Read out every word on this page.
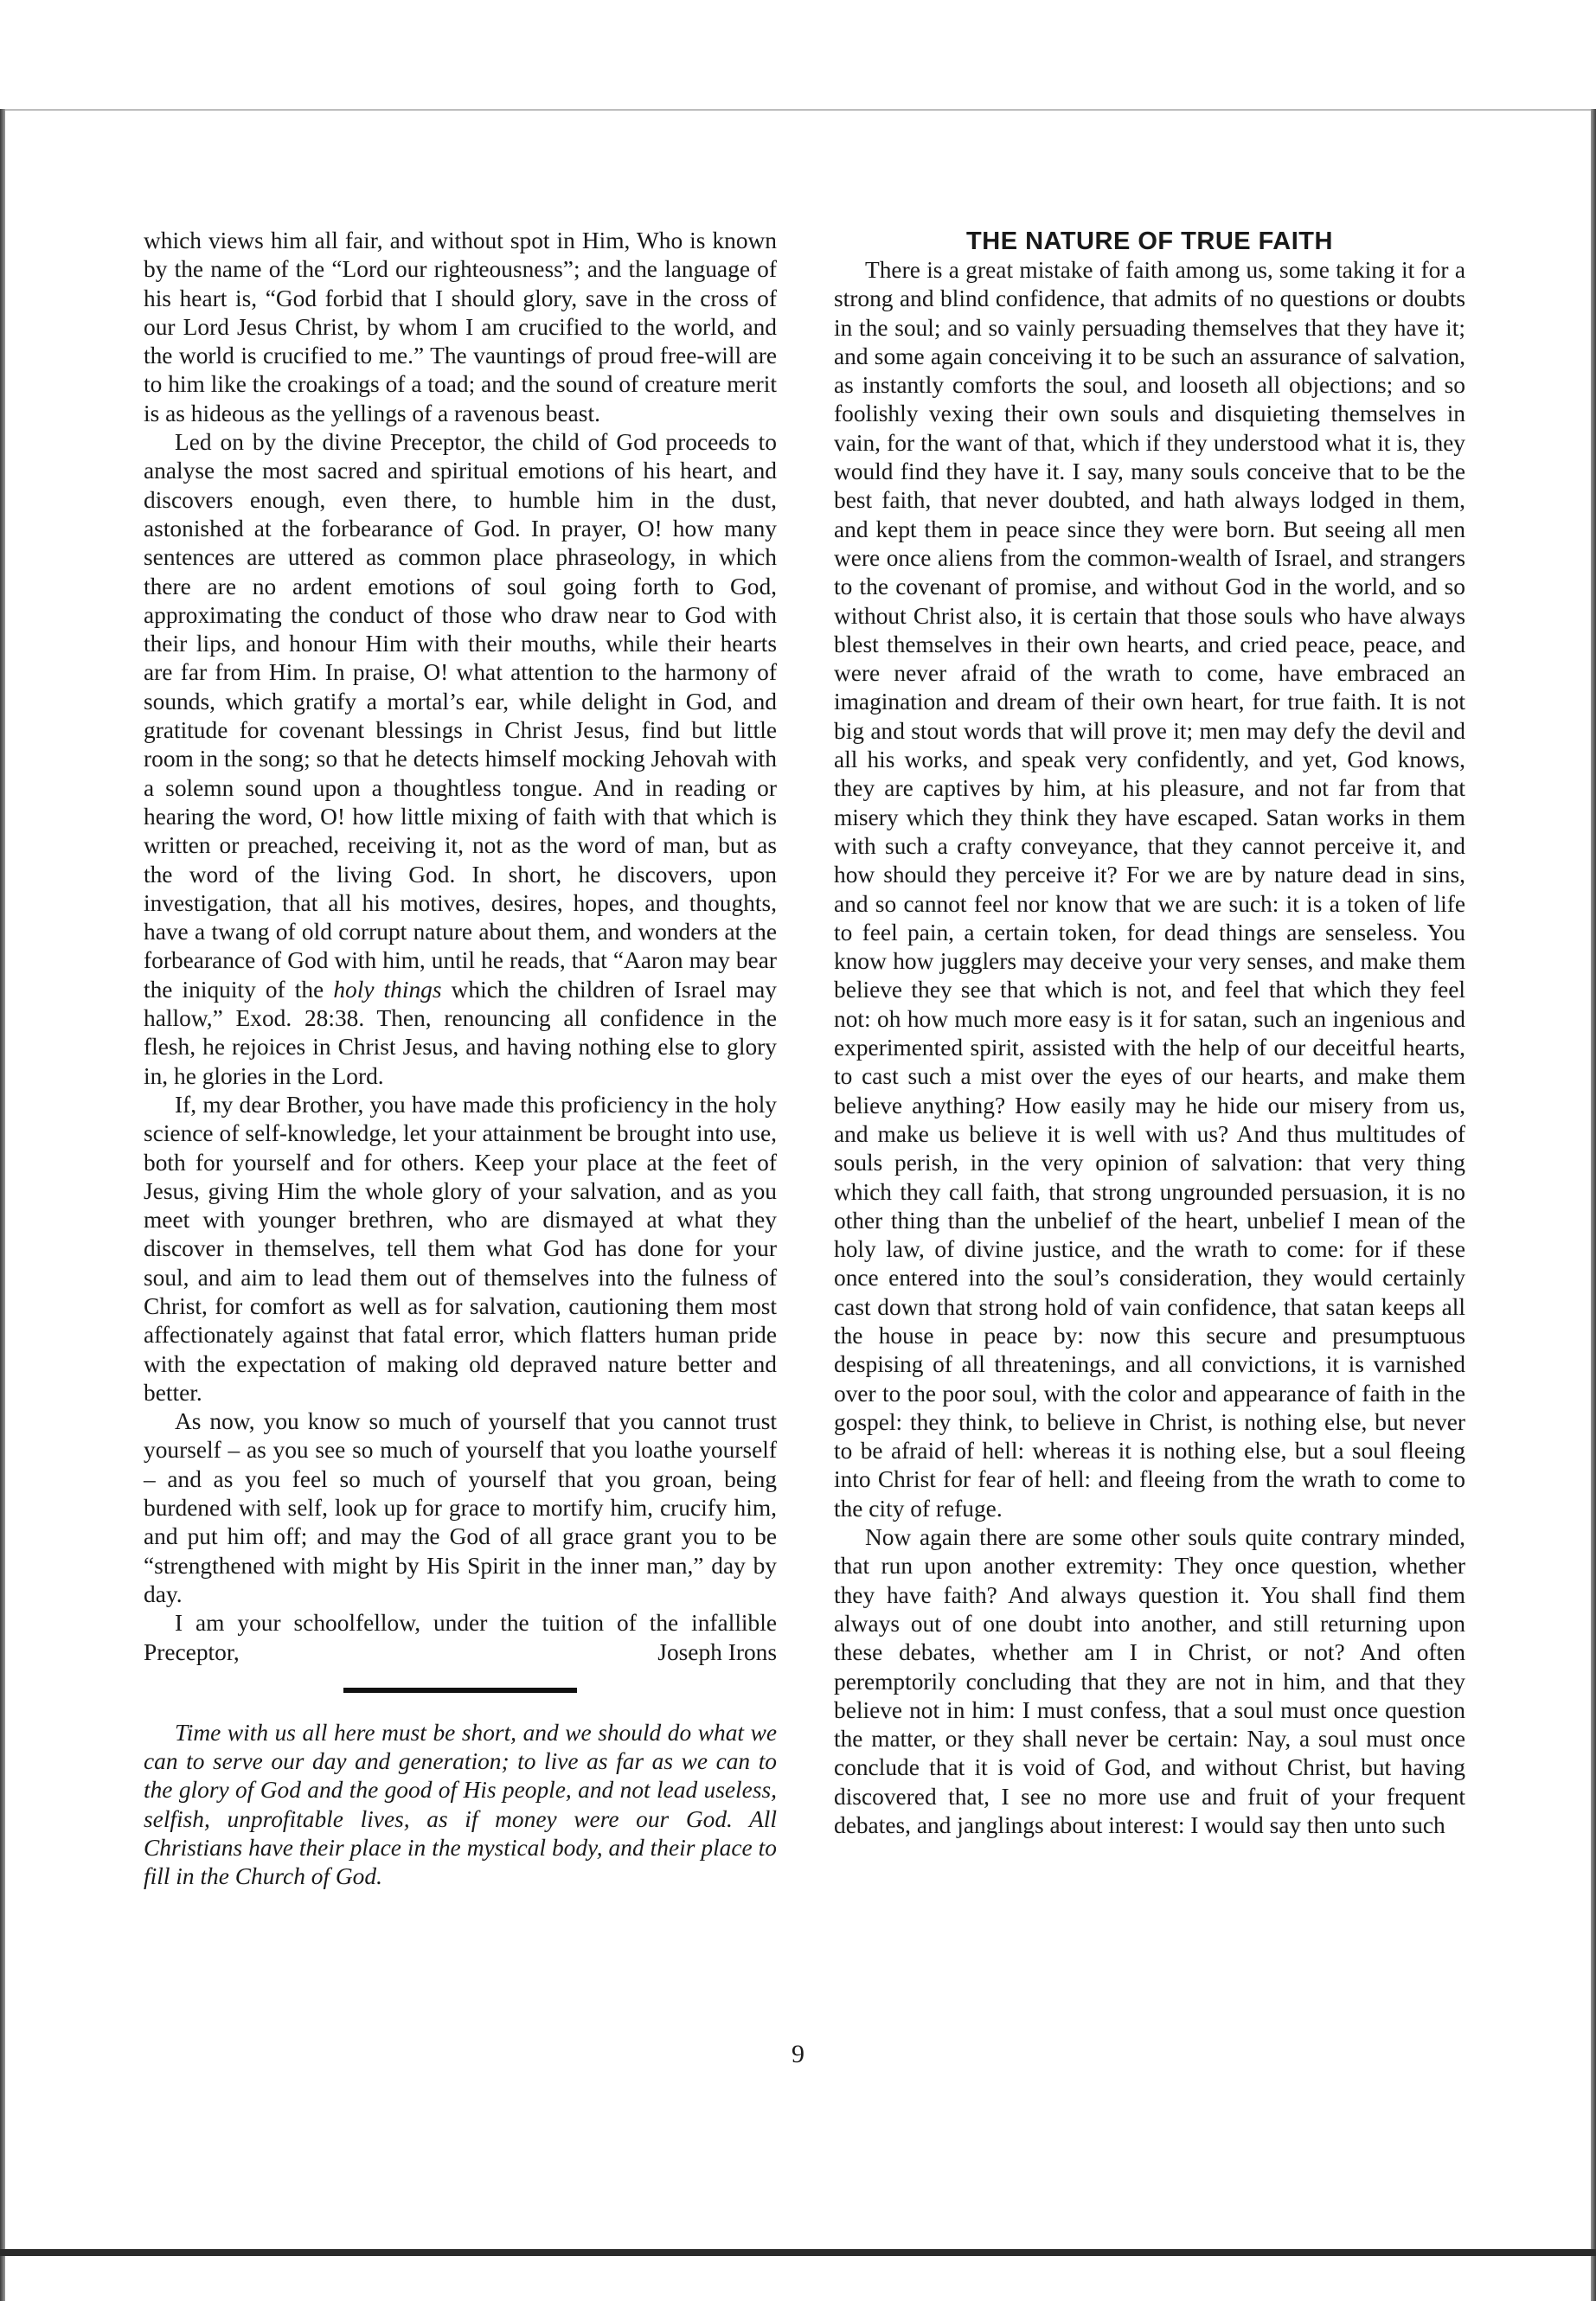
which views him all fair, and without spot in Him, Who is known by the name of the “Lord our righteousness”; and the language of his heart is, “God forbid that I should glory, save in the cross of our Lord Jesus Christ, by whom I am crucified to the world, and the world is crucified to me.” The vauntings of proud free-will are to him like the croakings of a toad; and the sound of creature merit is as hideous as the yellings of a ravenous beast.

Led on by the divine Preceptor, the child of God proceeds to analyse the most sacred and spiritual emotions of his heart, and discovers enough, even there, to humble him in the dust, astonished at the forbearance of God. In prayer, O! how many sentences are uttered as common place phraseology, in which there are no ardent emotions of soul going forth to God, approximating the conduct of those who draw near to God with their lips, and honour Him with their mouths, while their hearts are far from Him. In praise, O! what attention to the harmony of sounds, which gratify a mortal’s ear, while delight in God, and gratitude for covenant blessings in Christ Jesus, find but little room in the song; so that he detects himself mocking Jehovah with a solemn sound upon a thoughtless tongue. And in reading or hearing the word, O! how little mixing of faith with that which is written or preached, receiving it, not as the word of man, but as the word of the living God. In short, he discovers, upon investigation, that all his motives, desires, hopes, and thoughts, have a twang of old corrupt nature about them, and wonders at the forbearance of God with him, until he reads, that “Aaron may bear the iniquity of the holy things which the children of Israel may hallow,” Exod. 28:38. Then, renouncing all confidence in the flesh, he rejoices in Christ Jesus, and having nothing else to glory in, he glories in the Lord.

If, my dear Brother, you have made this proficiency in the holy science of self-knowledge, let your attainment be brought into use, both for yourself and for others. Keep your place at the feet of Jesus, giving Him the whole glory of your salvation, and as you meet with younger brethren, who are dismayed at what they discover in themselves, tell them what God has done for your soul, and aim to lead them out of themselves into the fulness of Christ, for comfort as well as for salvation, cautioning them most affectionately against that fatal error, which flatters human pride with the expectation of making old depraved nature better and better.

As now, you know so much of yourself that you cannot trust yourself – as you see so much of yourself that you loathe yourself – and as you feel so much of yourself that you groan, being burdened with self, look up for grace to mortify him, crucify him, and put him off; and may the God of all grace grant you to be “strengthened with might by His Spirit in the inner man,” day by day.

I am your schoolfellow, under the tuition of the infallible Preceptor,	Joseph Irons

Time with us all here must be short, and we should do what we can to serve our day and generation; to live as far as we can to the glory of God and the good of His people, and not lead useless, selfish, unprofitable lives, as if money were our God. All Christians have their place in the mystical body, and their place to fill in the Church of God.

THE NATURE OF TRUE FAITH

There is a great mistake of faith among us, some taking it for a strong and blind confidence, that admits of no questions or doubts in the soul; and so vainly persuading themselves that they have it; and some again conceiving it to be such an assurance of salvation, as instantly comforts the soul, and looseth all objections; and so foolishly vexing their own souls and disquieting themselves in vain, for the want of that, which if they understood what it is, they would find they have it. I say, many souls conceive that to be the best faith, that never doubted, and hath always lodged in them, and kept them in peace since they were born. But seeing all men were once aliens from the common-wealth of Israel, and strangers to the covenant of promise, and without God in the world, and so without Christ also, it is certain that those souls who have always blest themselves in their own hearts, and cried peace, peace, and were never afraid of the wrath to come, have embraced an imagination and dream of their own heart, for true faith. It is not big and stout words that will prove it; men may defy the devil and all his works, and speak very confidently, and yet, God knows, they are captives by him, at his pleasure, and not far from that misery which they think they have escaped. Satan works in them with such a crafty conveyance, that they cannot perceive it, and how should they perceive it? For we are by nature dead in sins, and so cannot feel nor know that we are such: it is a token of life to feel pain, a certain token, for dead things are senseless. You know how jugglers may deceive your very senses, and make them believe they see that which is not, and feel that which they feel not: oh how much more easy is it for satan, such an ingenious and experimented spirit, assisted with the help of our deceitful hearts, to cast such a mist over the eyes of our hearts, and make them believe anything? How easily may he hide our misery from us, and make us believe it is well with us? And thus multitudes of souls perish, in the very opinion of salvation: that very thing which they call faith, that strong ungrounded persuasion, it is no other thing than the unbelief of the heart, unbelief I mean of the holy law, of divine justice, and the wrath to come: for if these once entered into the soul’s consideration, they would certainly cast down that strong hold of vain confidence, that satan keeps all the house in peace by: now this secure and presumptuous despising of all threatenings, and all convictions, it is varnished over to the poor soul, with the color and appearance of faith in the gospel: they think, to believe in Christ, is nothing else, but never to be afraid of hell: whereas it is nothing else, but a soul fleeing into Christ for fear of hell: and fleeing from the wrath to come to the city of refuge.

Now again there are some other souls quite contrary minded, that run upon another extremity: They once question, whether they have faith? And always question it. You shall find them always out of one doubt into another, and still returning upon these debates, whether am I in Christ, or not? And often peremptorily concluding that they are not in him, and that they believe not in him: I must confess, that a soul must once question the matter, or they shall never be certain: Nay, a soul must once conclude that it is void of God, and without Christ, but having discovered that, I see no more use and fruit of your frequent debates, and janglings about interest: I would say then unto such

9
